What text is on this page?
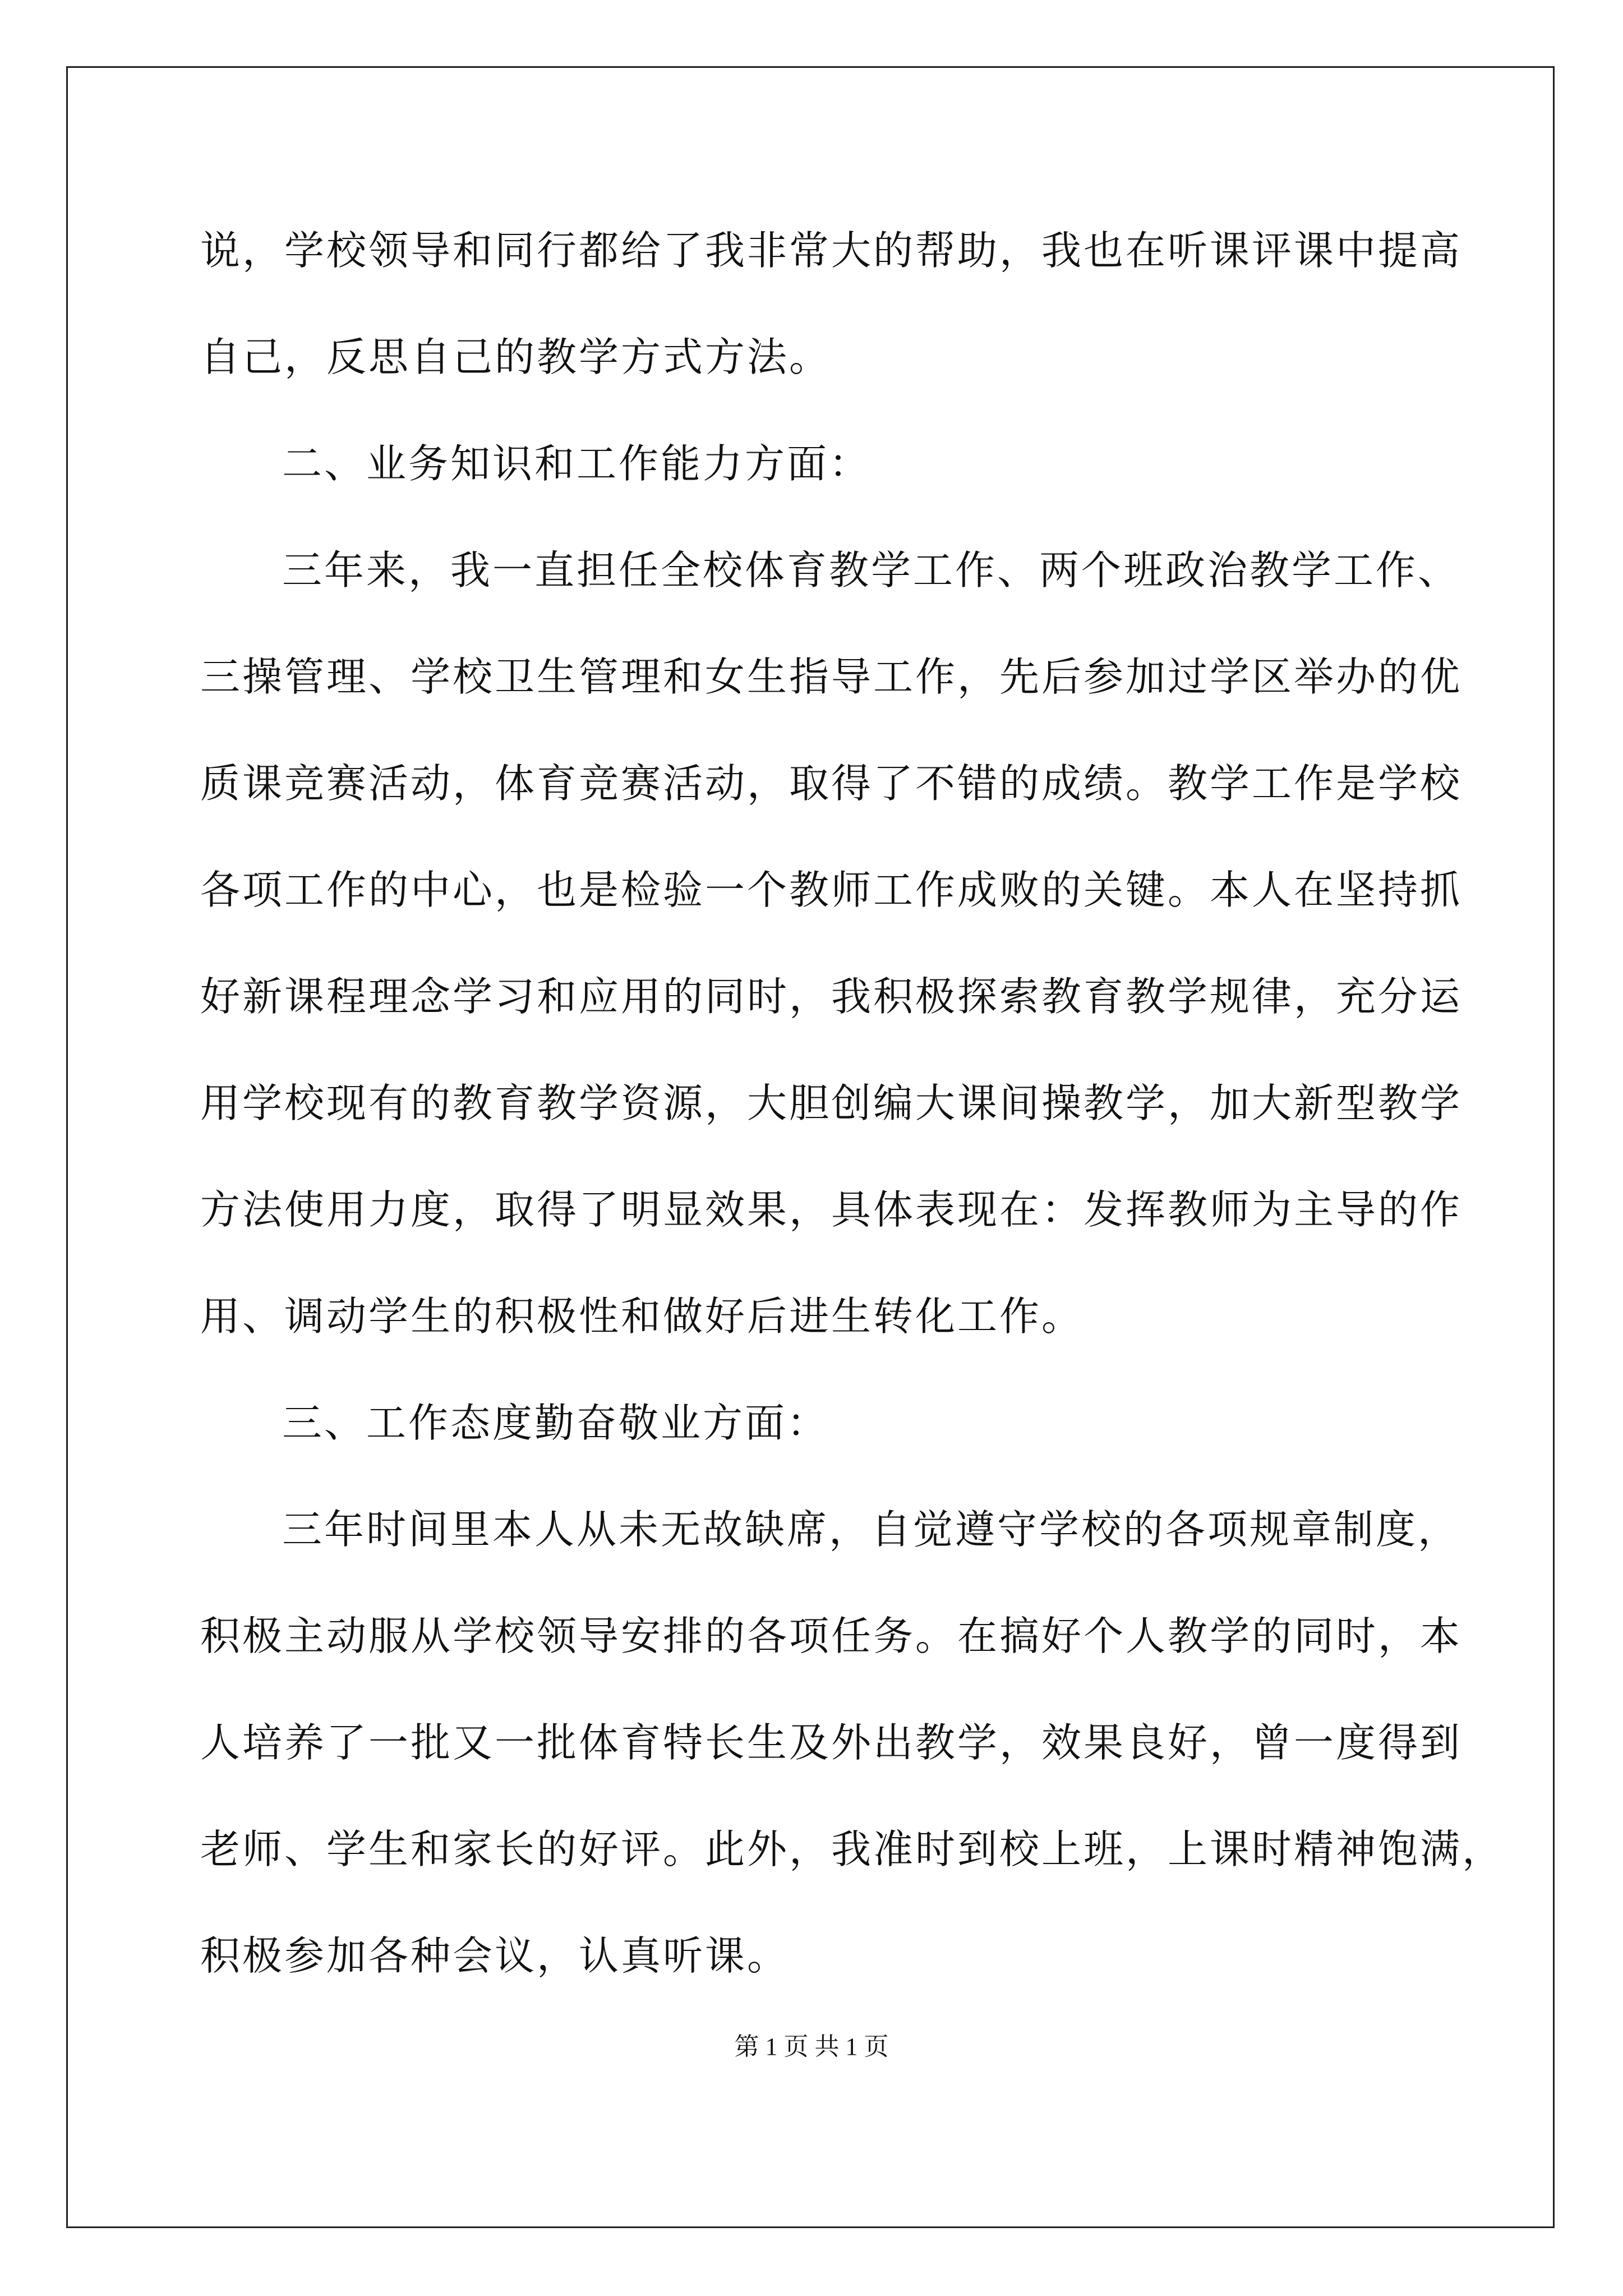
说，学校领导和同行都给了我非常大的帮助，我也在听课评课中提高
自己，反思自己的教学方式方法。
二、业务知识和工作能力方面：
三年来，我一直担任全校体育教学工作、两个班政治教学工作、
三操管理、学校卫生管理和女生指导工作，先后参加过学区举办的优
质课竞赛活动，体育竞赛活动，取得了不错的成绩。教学工作是学校
各项工作的中心，也是检验一个教师工作成败的关键。本人在坚持抓
好新课程理念学习和应用的同时，我积极探索教育教学规律，充分运
用学校现有的教育教学资源，大胆创编大课间操教学，加大新型教学
方法使用力度，取得了明显效果，具体表现在：发挥教师为主导的作
用、调动学生的积极性和做好后进生转化工作。
三、工作态度勤奋敬业方面：
三年时间里本人从未无故缺席，自觉遵守学校的各项规章制度，
积极主动服从学校领导安排的各项任务。在搞好个人教学的同时，本
人培养了一批又一批体育特长生及外出教学，效果良好，曾一度得到
老师、学生和家长的好评。此外，我准时到校上班，上课时精神饱满，
积极参加各种会议，认真听课。
第 1 页 共 1 页
